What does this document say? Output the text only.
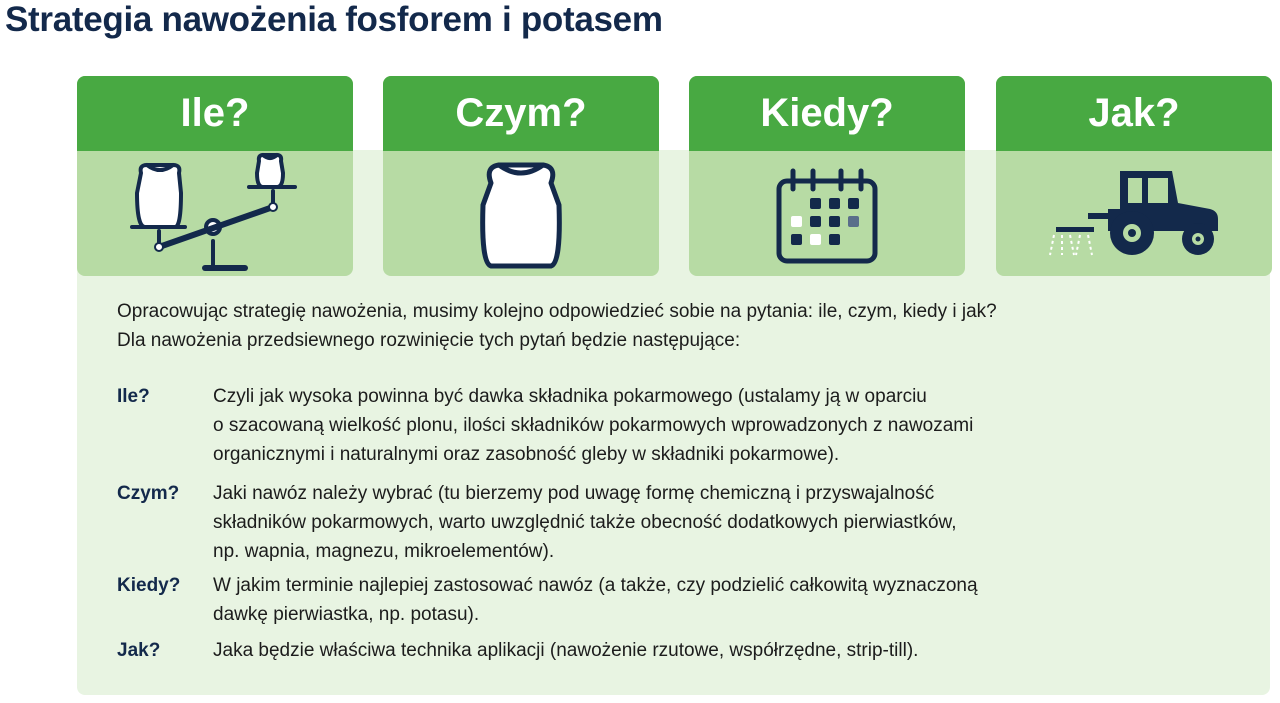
Strategia nawożenia fosforem i potasem
Ile?	Czym?	Kiedy?	Jak?
Opracowując strategię nawożenia, musimy kolejno odpowiedzieć sobie na pytania: ile, czym, kiedy i jak?
Dla nawożenia przedsiewnego rozwinięcie tych pytań będzie następujące:
Ile?	Czyli jak wysoka powinna być dawka składnika pokarmowego (ustalamy ją w oparciu
o szacowaną wielkość plonu, ilości składników pokarmowych wprowadzonych z nawozami
organicznymi i naturalnymi oraz zasobność gleby w składniki pokarmowe).
Czym? Jaki nawóz należy wybrać (tu bierzemy pod uwagę formę chemiczną i przyswajalność
składników pokarmowych, warto uwzględnić także obecność dodatkowych pierwiastków,
np. wapnia, magnezu, mikroelementów).
Kiedy? W jakim terminie najlepiej zastosować nawóz (a także, czy podzielić całkowitą wyznaczoną
dawkę pierwiastka, np. potasu).
Jak?	Jaka będzie właściwa technika aplikacji (nawożenie rzutowe, współrzędne, strip-till).
